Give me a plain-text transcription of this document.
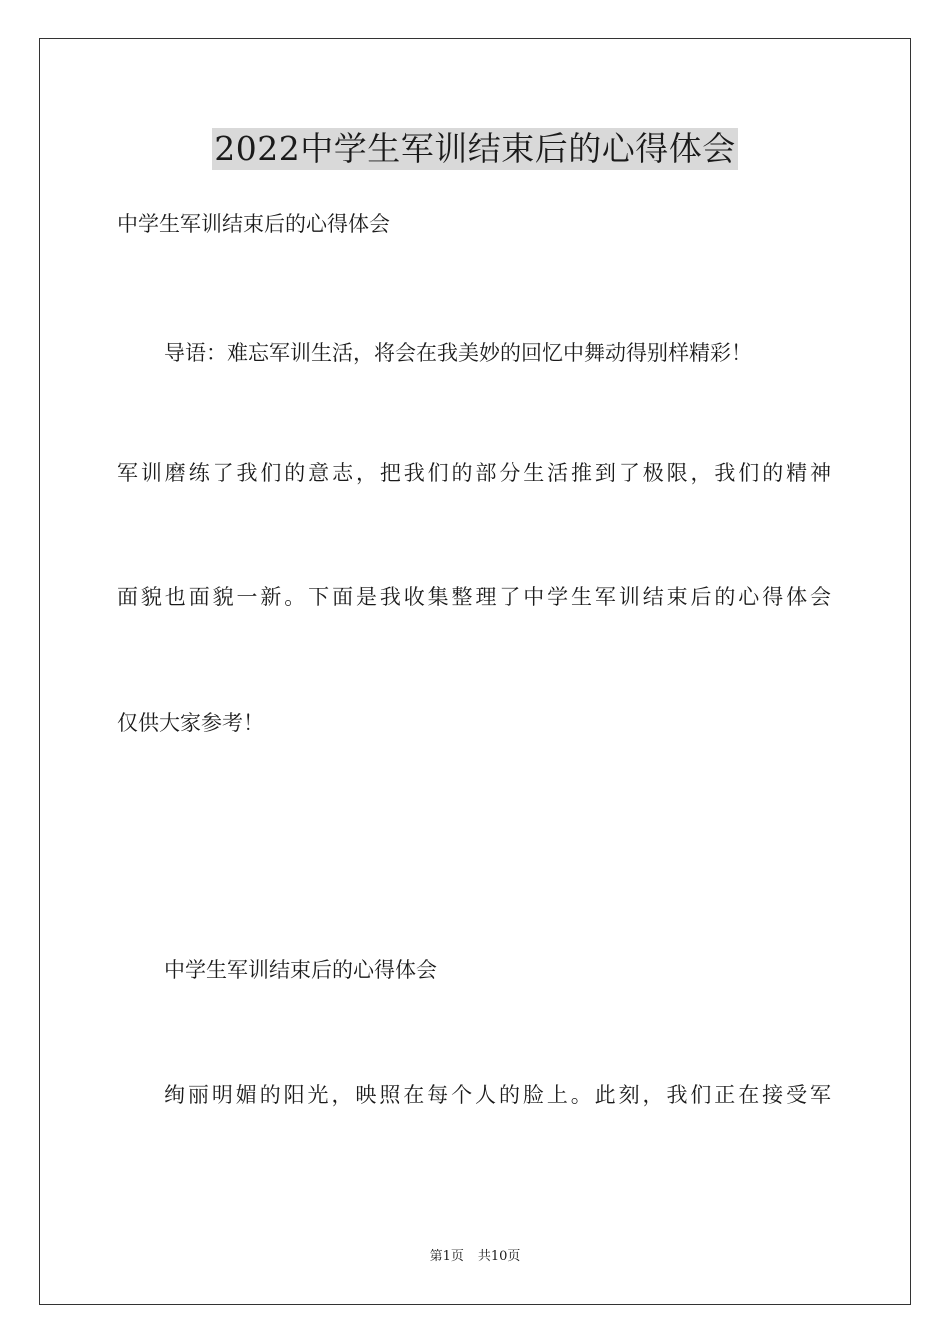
2022中学生军训结束后的心得体会
中学生军训结束后的心得体会
导语：难忘军训生活，将会在我美妙的回忆中舞动得别样精彩！
军训磨练了我们的意志，把我们的部分生活推到了极限，我们的精神
面貌也面貌一新。下面是我收集整理了中学生军训结束后的心得体会
仅供大家参考！
中学生军训结束后的心得体会
绚丽明媚的阳光，映照在每个人的脸上。此刻，我们正在接受军
第1页 共10页
